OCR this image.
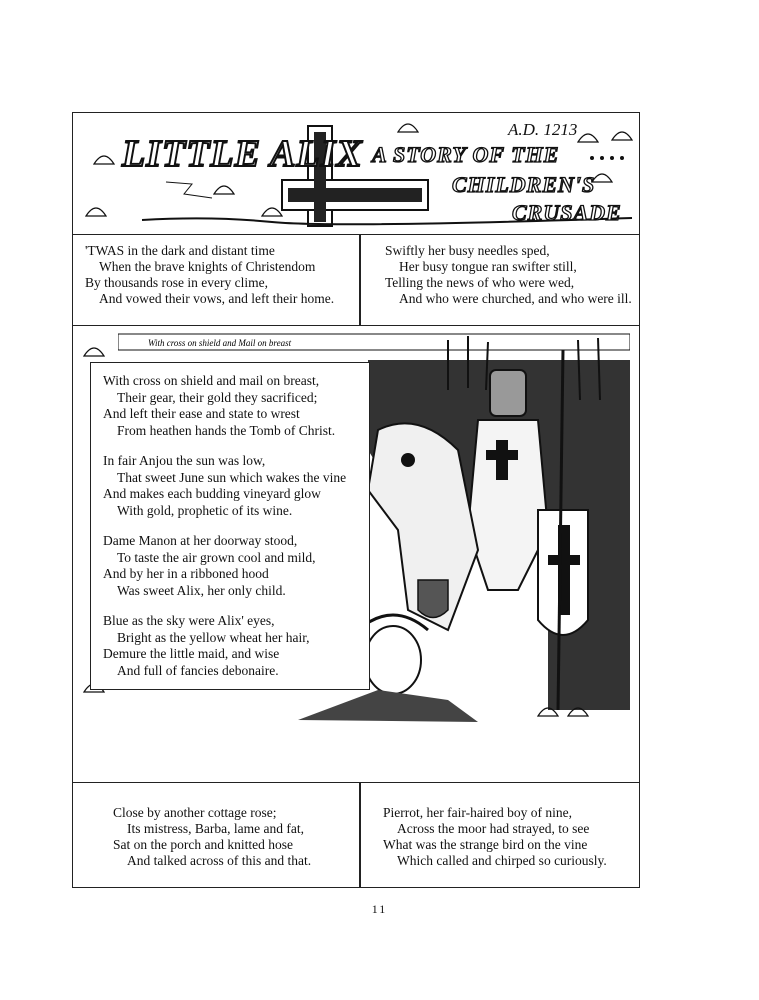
LITTLE ALIX A STORY OF THE
CHILDREN'S
CRUSADE
A.D. 1213
'TWAS in the dark and distant time
When the brave knights of Christendom
By thousands rose in every clime,
And vowed their vows, and left their home.
Swiftly her busy needles sped,
Her busy tongue ran swifter still,
Telling the news of who were wed,
And who were churched, and who were ill.
With cross on shield and Mail on breast
With cross on shield and mail on breast,
Their gear, their gold they sacrificed;
And left their ease and state to wrest
From heathen hands the Tomb of Christ.
In fair Anjou the sun was low,
That sweet June sun which wakes the vine
And makes each budding vineyard glow
With gold, prophetic of its wine.
Dame Manon at her doorway stood,
To taste the air grown cool and mild,
And by her in a ribboned hood
Was sweet Alix, her only child.
Blue as the sky were Alix' eyes,
Bright as the yellow wheat her hair,
Demure the little maid, and wise
And full of fancies debonaire.
Close by another cottage rose;
Its mistress, Barba, lame and fat,
Sat on the porch and knitted hose
And talked across of this and that.
Pierrot, her fair-haired boy of nine,
Across the moor had strayed, to see
What was the strange bird on the vine
Which called and chirped so curiously.
11
